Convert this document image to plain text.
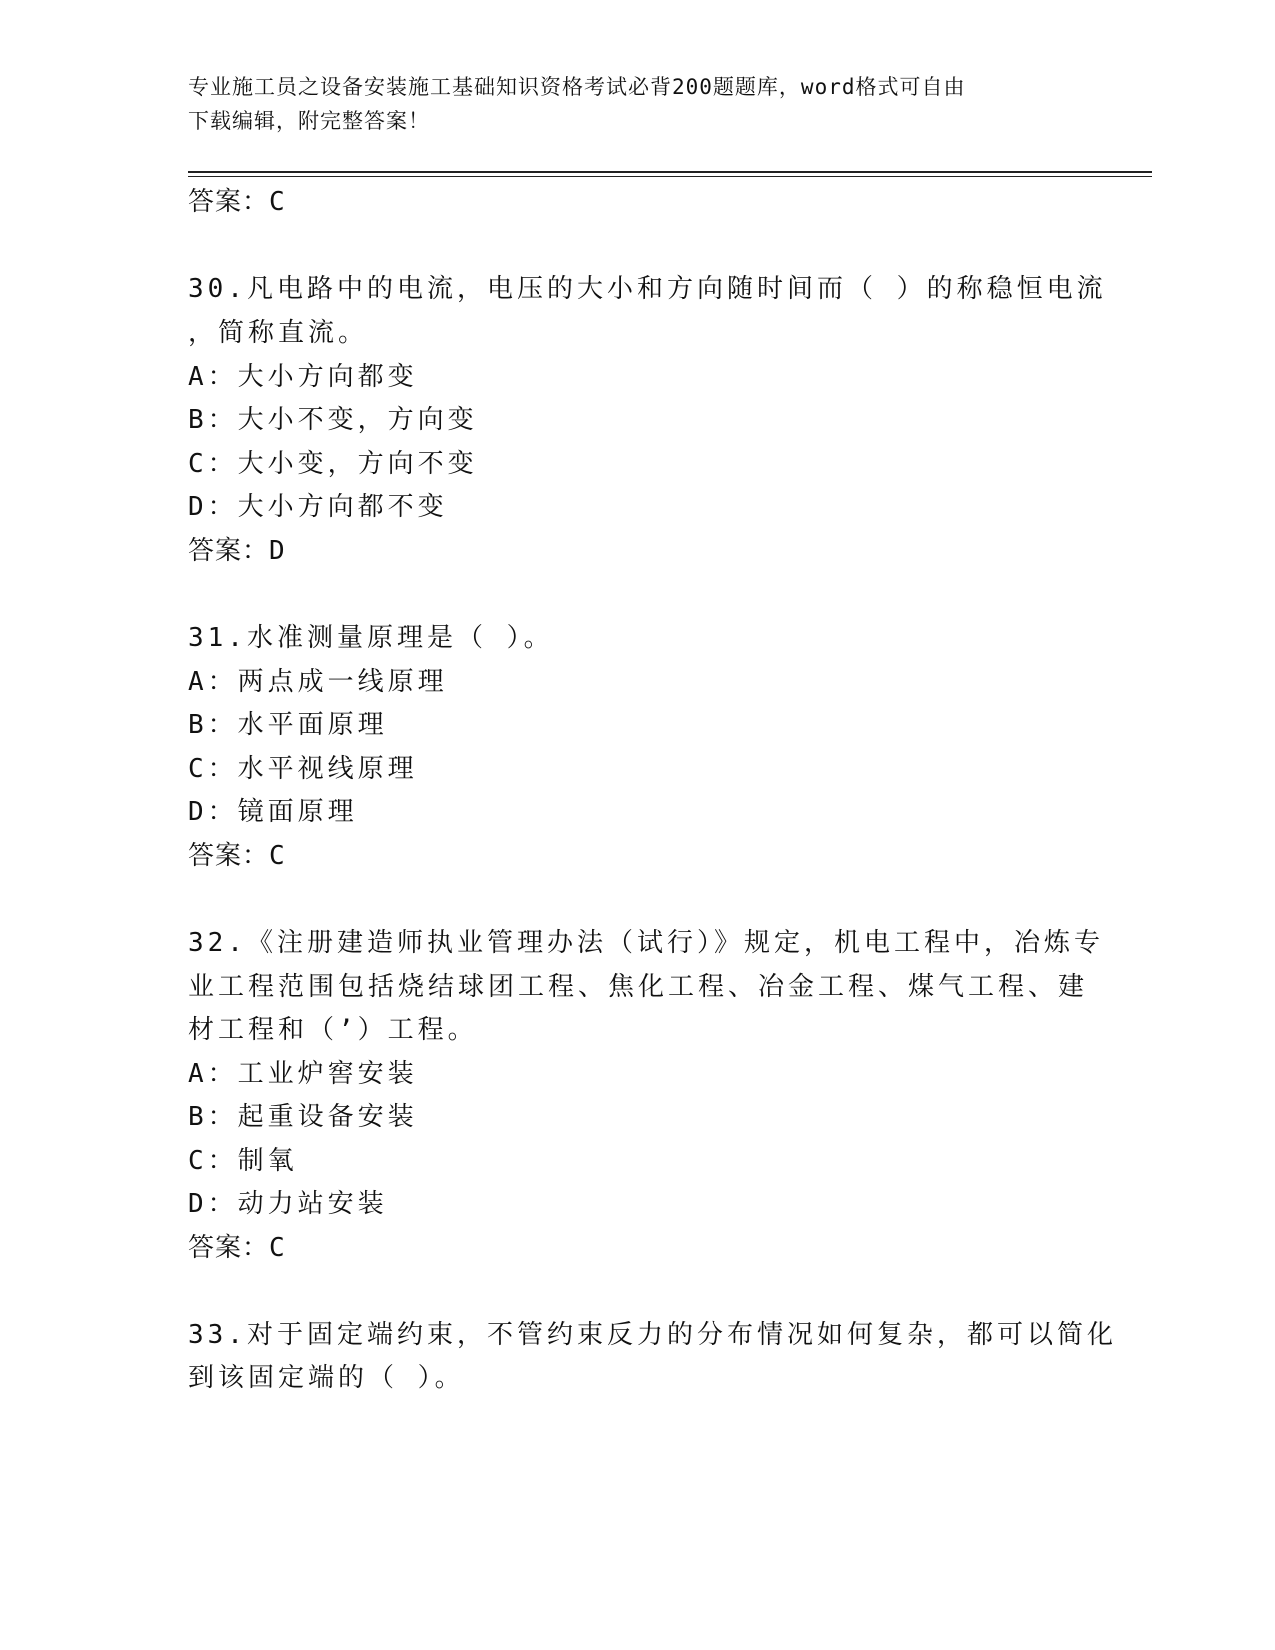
专业施工员之设备安装施工基础知识资格考试必背200题题库，word格式可自由
下载编辑，附完整答案！
答案：C
30.凡电路中的电流，电压的大小和方向随时间而（ ）的称稳恒电流
，简称直流。
A：大小方向都变
B：大小不变，方向变
C：大小变，方向不变
D：大小方向都不变
答案：D
31.水准测量原理是（ ）。
A：两点成一线原理
B：水平面原理
C：水平视线原理
D：镜面原理
答案：C
32.《注册建造师执业管理办法（试行）》规定，机电工程中，冶炼专
业工程范围包括烧结球团工程、焦化工程、冶金工程、煤气工程、建
材工程和（’）工程。
A：工业炉窖安装
B：起重设备安装
C：制氧
D：动力站安装
答案：C
33.对于固定端约束，不管约束反力的分布情况如何复杂，都可以简化
到该固定端的（ ）。
